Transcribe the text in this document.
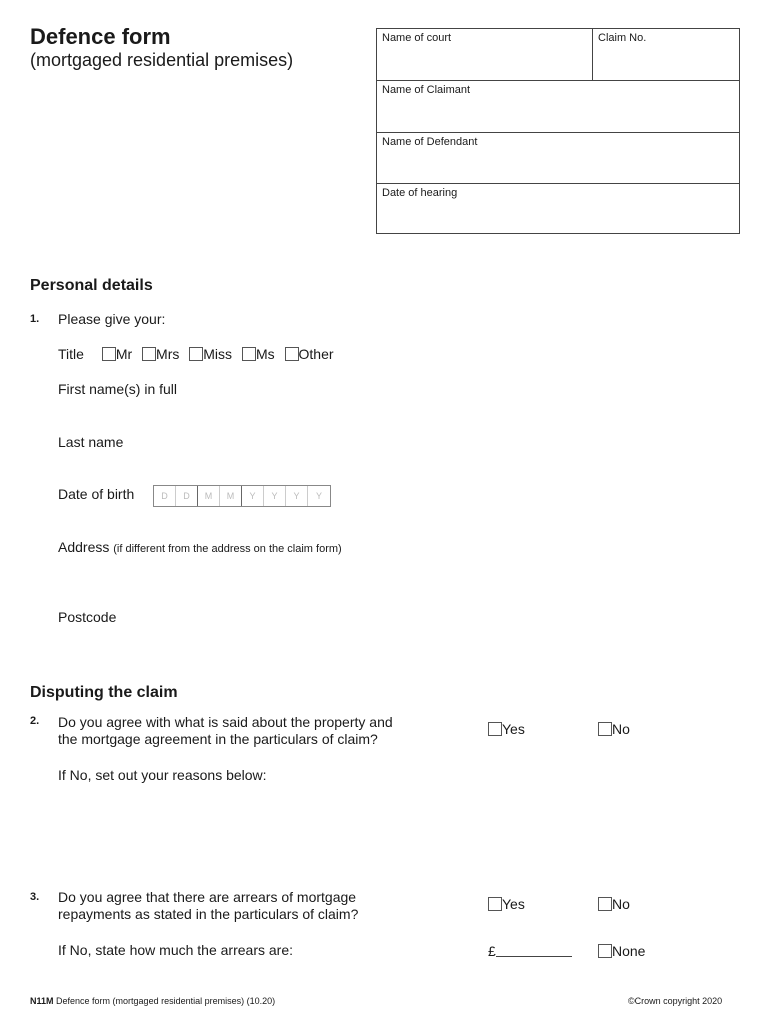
Defence form
(mortgaged residential premises)
Name of court	Claim No.
Name of Claimant
Name of Defendant
Date of hearing
Personal details
1. Please give your:
Title Mr Mrs Miss Ms Other
First name(s) in full
Last name
Date of birth	D	D	M	M	Y	Y	Y	Y
Address (if different from the address on the claim form)
Postcode
Disputing the claim
2. Do you agree with what is said about the property and
the mortgage agreement in the particulars of claim?
Yes	No
If No, set out your reasons below:
3. Do you agree that there are arrears of mortgage
repayments as stated in the particulars of claim?
Yes	No
If No, state how much the arrears are:	£	None
N11M Defence form (mortgaged residential premises) (10.20)	©Crown copyright 2020
